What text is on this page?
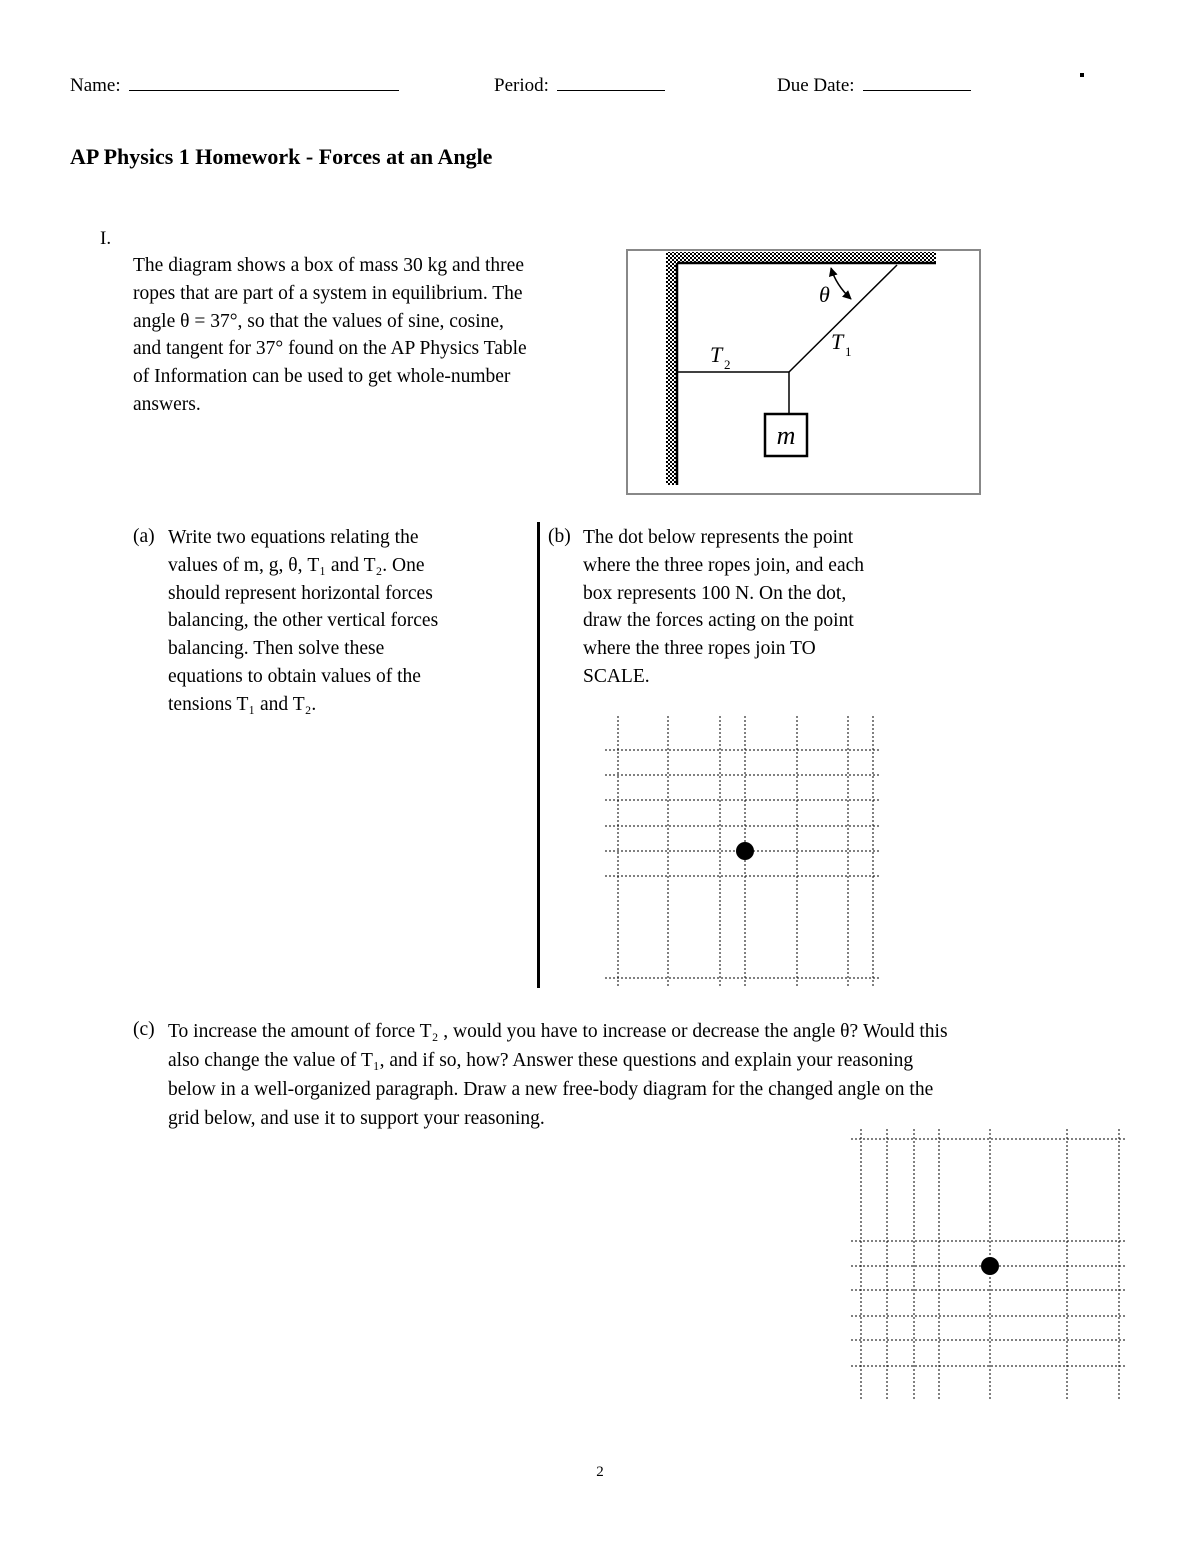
Name:	Period:	Due Date:
AP Physics 1 Homework - Forces at an Angle
I.
The diagram shows a box of mass 30 kg and three
ropes that are part of a system in equilibrium. The
angle θ = 37°, so that the values of sine, cosine,
and tangent for 37° found on the AP Physics Table
of Information can be used to get whole-number
answers.
m
θ
T 1
T 2
(a) Write two equations relating the
values of m, g, θ, T₁ and T₂. One
should represent horizontal forces
balancing, the other vertical forces
balancing. Then solve these
equations to obtain values of the
tensions T₁ and T₂.
(b) The dot below represents the point
where the three ropes join, and each
box represents 100 N. On the dot,
draw the forces acting on the point
where the three ropes join TO
SCALE.
(c) To increase the amount of force T₂ , would you have to increase or decrease the angle θ? Would this
also change the value of T₁, and if so, how? Answer these questions and explain your reasoning
below in a well-organized paragraph. Draw a new free-body diagram for the changed angle on the
grid below, and use it to support your reasoning.
2
